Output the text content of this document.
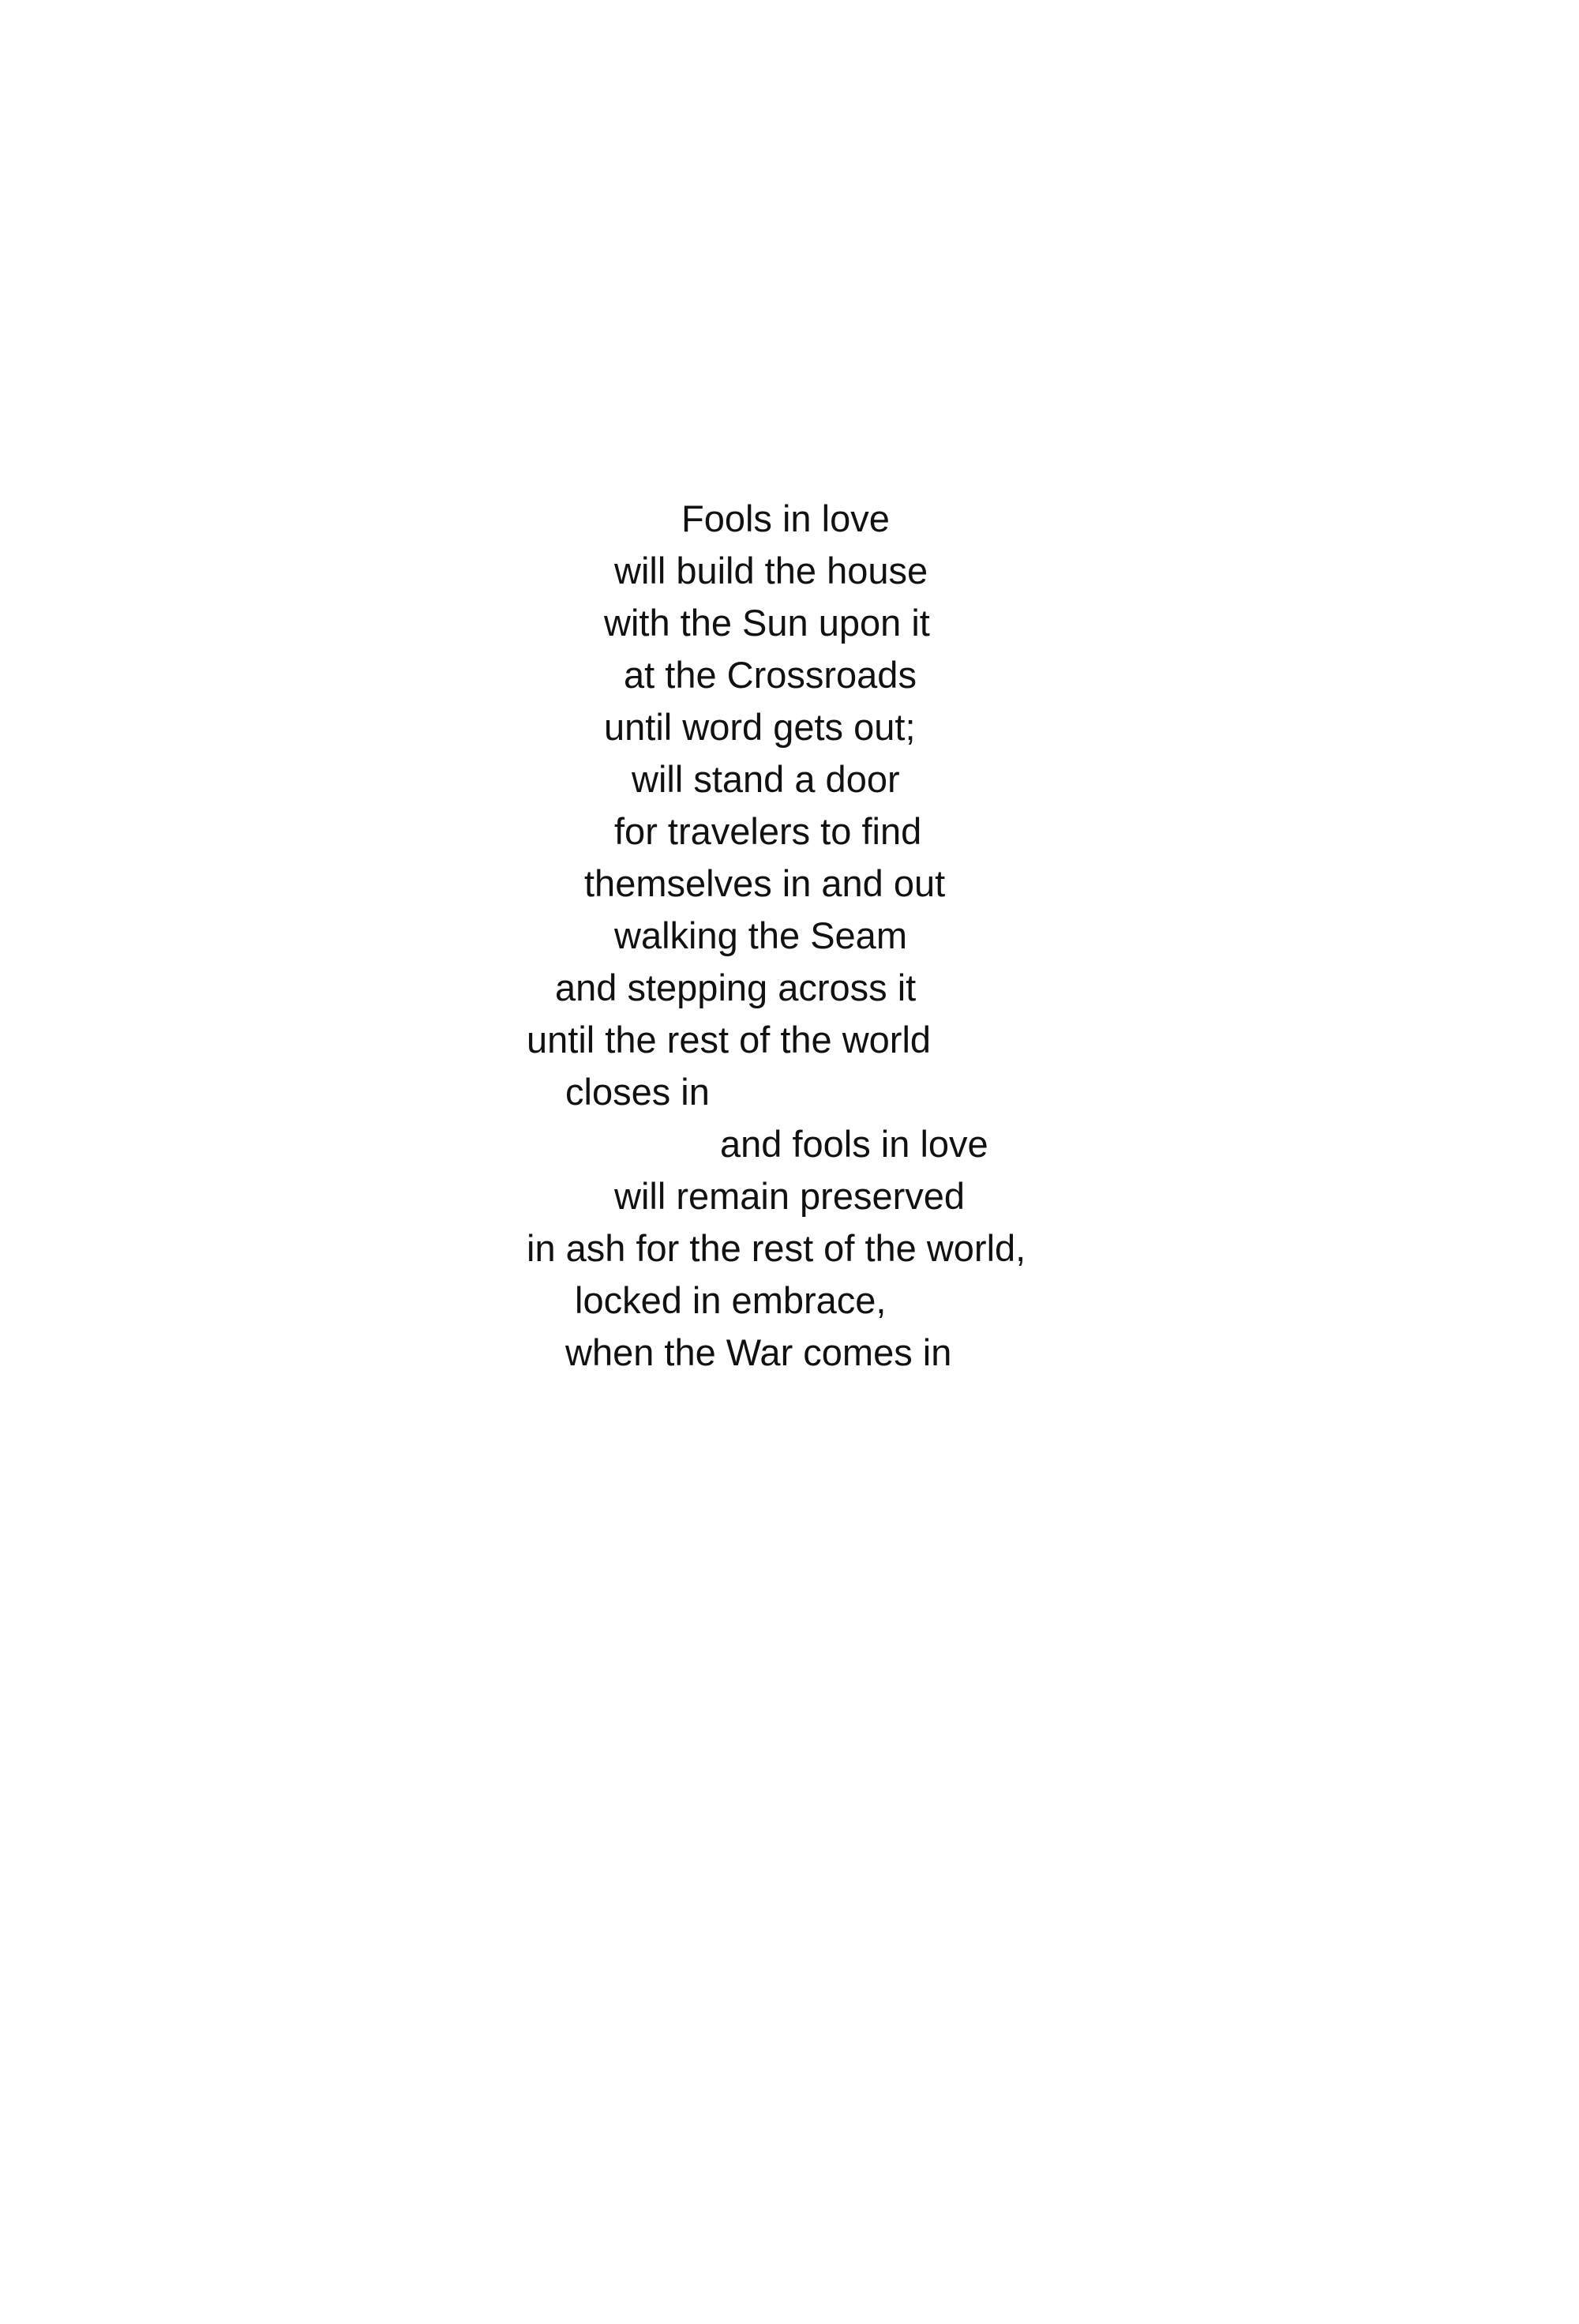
Fools in love
will build the house
with the Sun upon it
at the Crossroads
until word gets out;
will stand a door
for travelers to find
themselves in and out
walking the Seam
and stepping across it
until the rest of the world
closes in
and fools in love
will remain preserved
in ash for the rest of the world,
locked in embrace,
when the War comes in
